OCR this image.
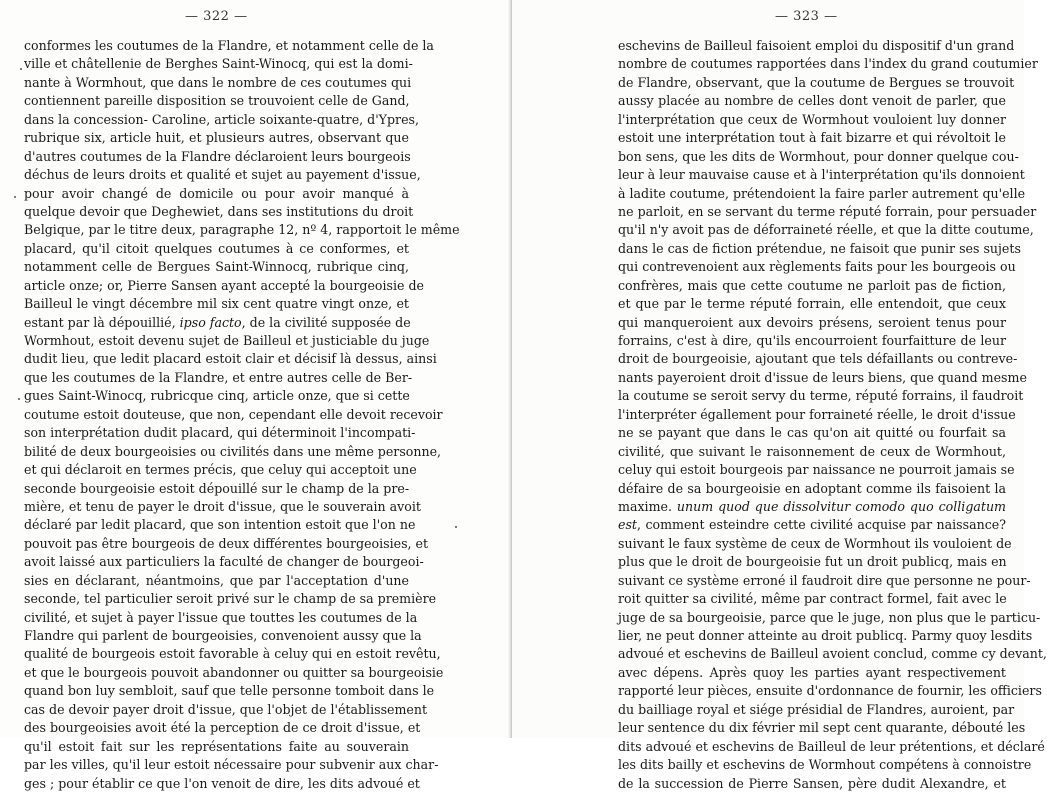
— 322 —
conformes les coutumes de la Flandre, et notamment celle de la
ville et châtellenie de Berghes Saint-Winocq, qui est la domi-
nante à Wormhout, que dans le nombre de ces coutumes qui
contiennent pareille disposition se trouvoient celle de Gand,
dans la concession- Caroline, article soixante-quatre, d'Ypres,
rubrique six, article huit, et plusieurs autres, observant que
d'autres coutumes de la Flandre déclaroient leurs bourgeois
déchus de leurs droits et qualité et sujet au payement d'issue,
pour avoir changé de domicile ou pour avoir manqué à
quelque devoir que Deghewiet, dans ses institutions du droit
Belgique, par le titre deux, paragraphe 12, nº 4, rapportoit le même
placard, qu'il citoit quelques coutumes à ce conformes, et
notamment celle de Bergues Saint-Winnocq, rubrique cinq,
article onze; or, Pierre Sansen ayant accepté la bourgeoisie de
Bailleul le vingt décembre mil six cent quatre vingt onze, et
estant par là dépouillié, ipso facto, de la civilité supposée de
Wormhout, estoit devenu sujet de Bailleul et justiciable du juge
dudit lieu, que ledit placard estoit clair et décisif là dessus, ainsi
que les coutumes de la Flandre, et entre autres celle de Ber-
gues Saint-Winocq, rubricque cinq, article onze, que si cette
coutume estoit douteuse, que non, cependant elle devoit recevoir
son interprétation dudit placard, qui déterminoit l'incompati-
bilité de deux bourgeoisies ou civilités dans une même personne,
et qui déclaroit en termes précis, que celuy qui acceptoit une
seconde bourgeoisie estoit dépouillé sur le champ de la pre-
mière, et tenu de payer le droit d'issue, que le souverain avoit
déclaré par ledit placard, que son intention estoit que l'on ne
pouvoit pas être bourgeois de deux différentes bourgeoisies, et
avoit laissé aux particuliers la faculté de changer de bourgeoi-
sies en déclarant, néantmoins, que par l'acceptation d'une
seconde, tel particulier seroit privé sur le champ de sa première
civilité, et sujet à payer l'issue que touttes les coutumes de la
Flandre qui parlent de bourgeoisies, convenoient aussy que la
qualité de bourgeois estoit favorable à celuy qui en estoit revêtu,
et que le bourgeois pouvoit abandonner ou quitter sa bourgeoisie
quand bon luy sembloit, sauf que telle personne tomboit dans le
cas de devoir payer droit d'issue, que l'objet de l'établissement
des bourgeoisies avoit été la perception de ce droit d'issue, et
qu'il estoit fait sur les représentations faite au souverain
par les villes, qu'il leur estoit nécessaire pour subvenir aux char-
ges ; pour établir ce que l'on venoit de dire, les dits advoué et
— 323 —
eschevins de Bailleul faisoient emploi du dispositif d'un grand
nombre de coutumes rapportées dans l'index du grand coutumier
de Flandre, observant, que la coutume de Bergues se trouvoit
aussy placée au nombre de celles dont venoit de parler, que
l'interprétation que ceux de Wormhout vouloient luy donner
estoit une interprétation tout à fait bizarre et qui révoltoit le
bon sens, que les dits de Wormhout, pour donner quelque cou-
leur à leur mauvaise cause et à l'interprétation qu'ils donnoient
à ladite coutume, prétendoient la faire parler autrement qu'elle
ne parloit, en se servant du terme réputé forrain, pour persuader
qu'il n'y avoit pas de déforraineté réelle, et que la ditte coutume,
dans le cas de fiction prétendue, ne faisoit que punir ses sujets
qui contrevenoient aux règlements faits pour les bourgeois ou
confrères, mais que cette coutume ne parloit pas de fiction,
et que par le terme réputé forrain, elle entendoit, que ceux
qui manqueroient aux devoirs présens, seroient tenus pour
forrains, c'est à dire, qu'ils encourroient fourfaitture de leur
droit de bourgeoisie, ajoutant que tels défaillants ou contreve-
nants payeroient droit d'issue de leurs biens, que quand mesme
la coutume se seroit servy du terme, réputé forrains, il faudroit
l'interpréter égallement pour forraineté réelle, le droit d'issue
ne se payant que dans le cas qu'on ait quitté ou fourfait sa
civilité, que suivant le raisonnement de ceux de Wormhout,
celuy qui estoit bourgeois par naissance ne pourroit jamais se
défaire de sa bourgeoisie en adoptant comme ils faisoient la
maxime. unum quod que dissolvitur comodo quo colligatum
est, comment esteindre cette civilité acquise par naissance?
suivant le faux système de ceux de Wormhout ils vouloient de
plus que le droit de bourgeoisie fut un droit publicq, mais en
suivant ce système erroné il faudroit dire que personne ne pour-
roit quitter sa civilité, même par contract formel, fait avec le
juge de sa bourgeoisie, parce que le juge, non plus que le particu-
lier, ne peut donner atteinte au droit publicq. Parmy quoy lesdits
advoué et eschevins de Bailleul avoient conclud, comme cy devant,
avec dépens. Après quoy les parties ayant respectivement
rapporté leur pièces, ensuite d'ordonnance de fournir, les officiers
du bailliage royal et siége présidial de Flandres, auroient, par
leur sentence du dix février mil sept cent quarante, débouté les
dits advoué et eschevins de Bailleul de leur prétentions, et déclaré
les dits bailly et eschevins de Wormhout compétens à connoistre
de la succession de Pierre Sansen, père dudit Alexandre, et
